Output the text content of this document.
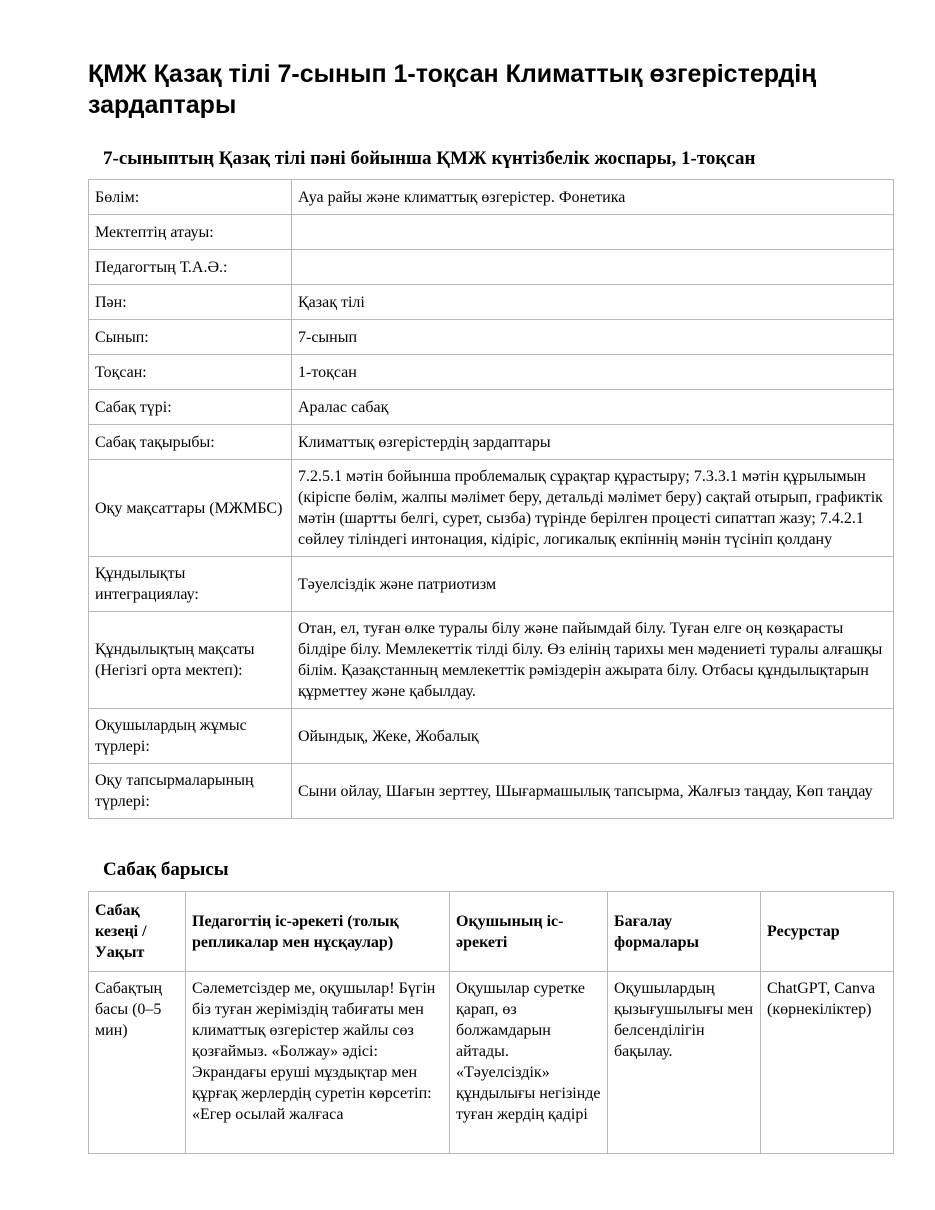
ҚМЖ Қазақ тілі 7-сынып 1-тоқсан Климаттық өзгерістердің зардаптары

7-сыныптың Қазақ тілі пәні бойынша ҚМЖ күнтізбелік жоспары, 1-тоқсан

Бөлім:	Ауа райы және климаттық өзгерістер. Фонетика
Мектептің атауы:	
Педагогтың Т.А.Ә.:	
Пән:	Қазақ тілі
Сынып:	7-сынып
Тоқсан:	1-тоқсан
Сабақ түрі:	Аралас сабақ
Сабақ тақырыбы:	Климаттық өзгерістердің зардаптары
Оқу мақсаттары (МЖМБС)	7.2.5.1 мәтін бойынша проблемалық сұрақтар құрастыру; 7.3.3.1 мәтін құрылымын (кіріспе бөлім, жалпы мәлімет беру, детальді мәлімет беру) сақтай отырып, графиктік мәтін (шартты белгі, сурет, сызба) түрінде берілген процесті сипаттап жазу; 7.4.2.1 сөйлеу тіліндегі интонация, кідіріс, логикалық екпіннің мәнін түсініп қолдану
Құндылықты интеграциялау:	Тәуелсіздік және патриотизм
Құндылықтың мақсаты (Негізгі орта мектеп):	Отан, ел, туған өлке туралы білу және пайымдай білу. Туған елге оң көзқарасты білдіре білу. Мемлекеттік тілді білу. Өз елінің тарихы мен мәдениеті туралы алғашқы білім. Қазақстанның мемлекеттік рәміздерін ажырата білу. Отбасы құндылықтарын құрметтеу және қабылдау.
Оқушылардың жұмыс түрлері:	Ойындық, Жеке, Жобалық
Оқу тапсырмаларының түрлері:	Сыни ойлау, Шағын зерттеу, Шығармашылық тапсырма, Жалғыз таңдау, Көп таңдау

Сабақ барысы

Сабақ кезеңі / Уақыт	Педагогтің іс-әрекеті (толық репликалар мен нұсқаулар)	Оқушының іс-әрекеті	Бағалау формалары	Ресурстар

Сабақтың басы (0–5 мин)	Сәлеметсіздер ме, оқушылар! Бүгін біз туған жеріміздің табиғаты мен климаттық өзгерістер жайлы сөз қозғаймыз. «Болжау» әдісі: Экрандағы еруші мұздықтар мен құрғақ жерлердің суретін көрсетіп: «Егер осылай жалғаса	Оқушылар суретке қарап, өз болжамдарын айтады. «Тәуелсіздік» құндылығы негізінде туған жердің қадірі	Оқушылардың қызығушылығы мен белсенділігін бақылау.	ChatGPT, Canva (көрнекіліктер)
